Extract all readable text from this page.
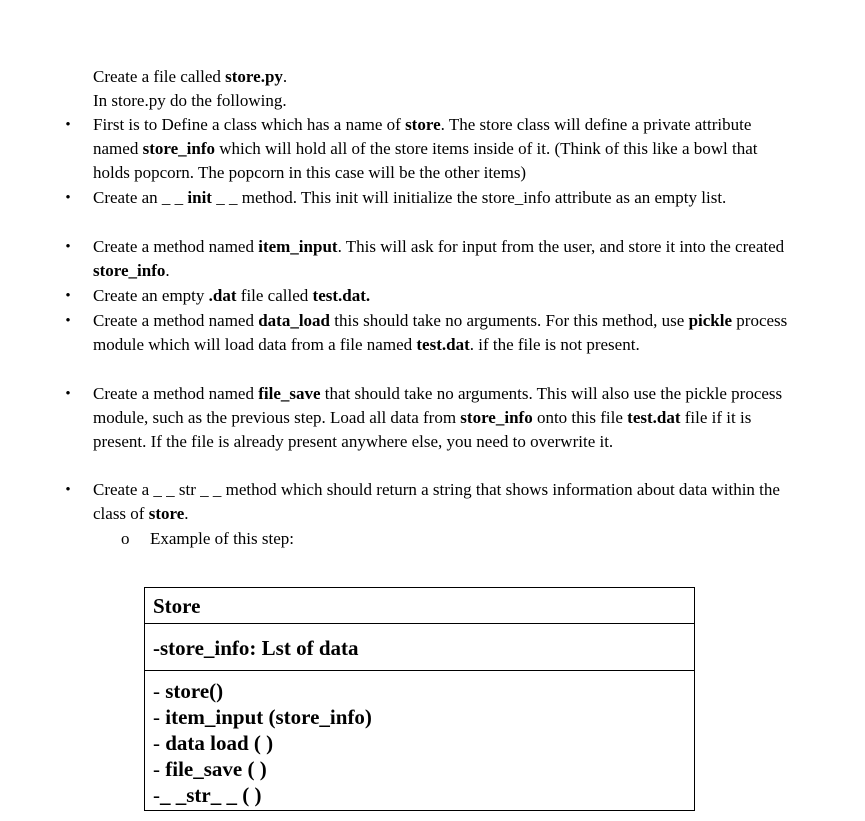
Create a file called store.py.
In store.py do the following.
• First is to Define a class which has a name of store. The store class will define a private attribute named store_info which will hold all of the store items inside of it. (Think of this like a bowl that holds popcorn. The popcorn in this case will be the other items)
• Create an _ _ init _ _ method. This init will initialize the store_info attribute as an empty list.
• Create a method named item_input. This will ask for input from the user, and store it into the created store_info.
• Create an empty .dat file called test.dat.
• Create a method named data_load this should take no arguments. For this method, use pickle process module which will load data from a file named test.dat. if the file is not present.
• Create a method named file_save that should take no arguments. This will also use the pickle process module, such as the previous step. Load all data from store_info onto this file test.dat file if it is present. If the file is already present anywhere else, you need to overwrite it.
• Create a _ _ str _ _ method which should return a string that shows information about data within the class of store.
o Example of this step:
Store
-store_info: Lst of data
- store()
- item_input (store_info)
- data load ( )
- file_save ( )
-_ _str_ _ ( )
